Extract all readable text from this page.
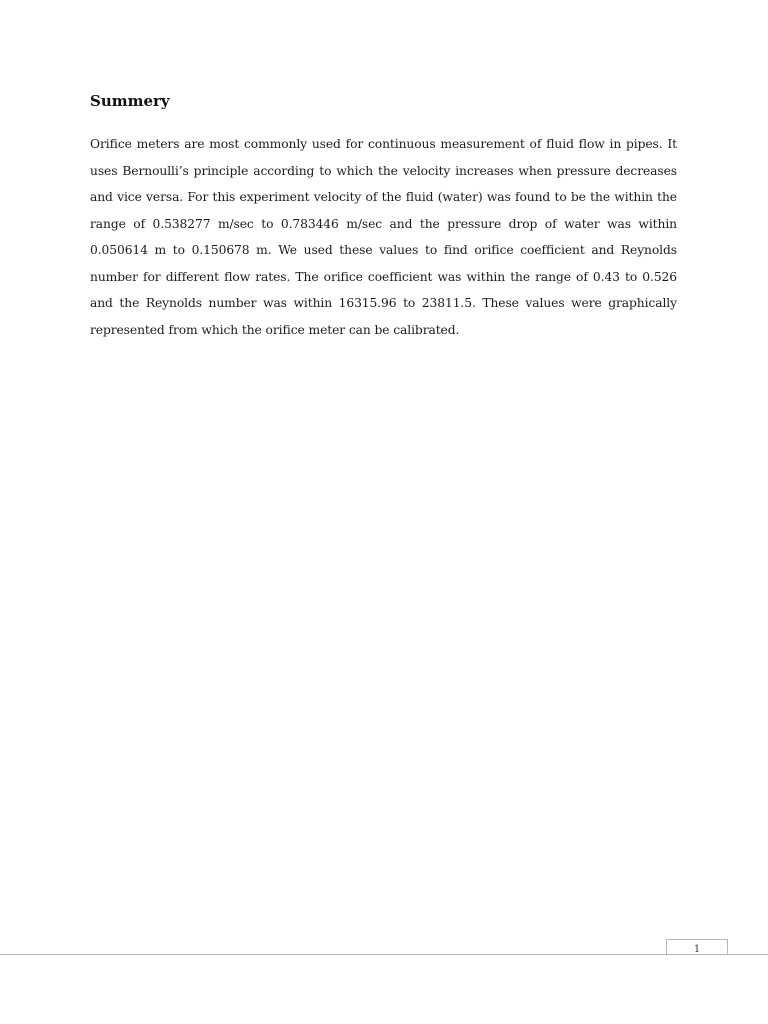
Summery

Orifice meters are most commonly used for continuous measurement of fluid flow in pipes. It uses Bernoulli’s principle according to which the velocity increases when pressure decreases and vice versa. For this experiment velocity of the fluid (water) was found to be the within the range of 0.538277 m/sec to 0.783446 m/sec and the pressure drop of water was within 0.050614 m to 0.150678 m. We used these values to find orifice coefficient and Reynolds number for different flow rates. The orifice coefficient was within the range of 0.43 to 0.526 and the Reynolds number was within 16315.96 to 23811.5. These values were graphically represented from which the orifice meter can be calibrated.

1
